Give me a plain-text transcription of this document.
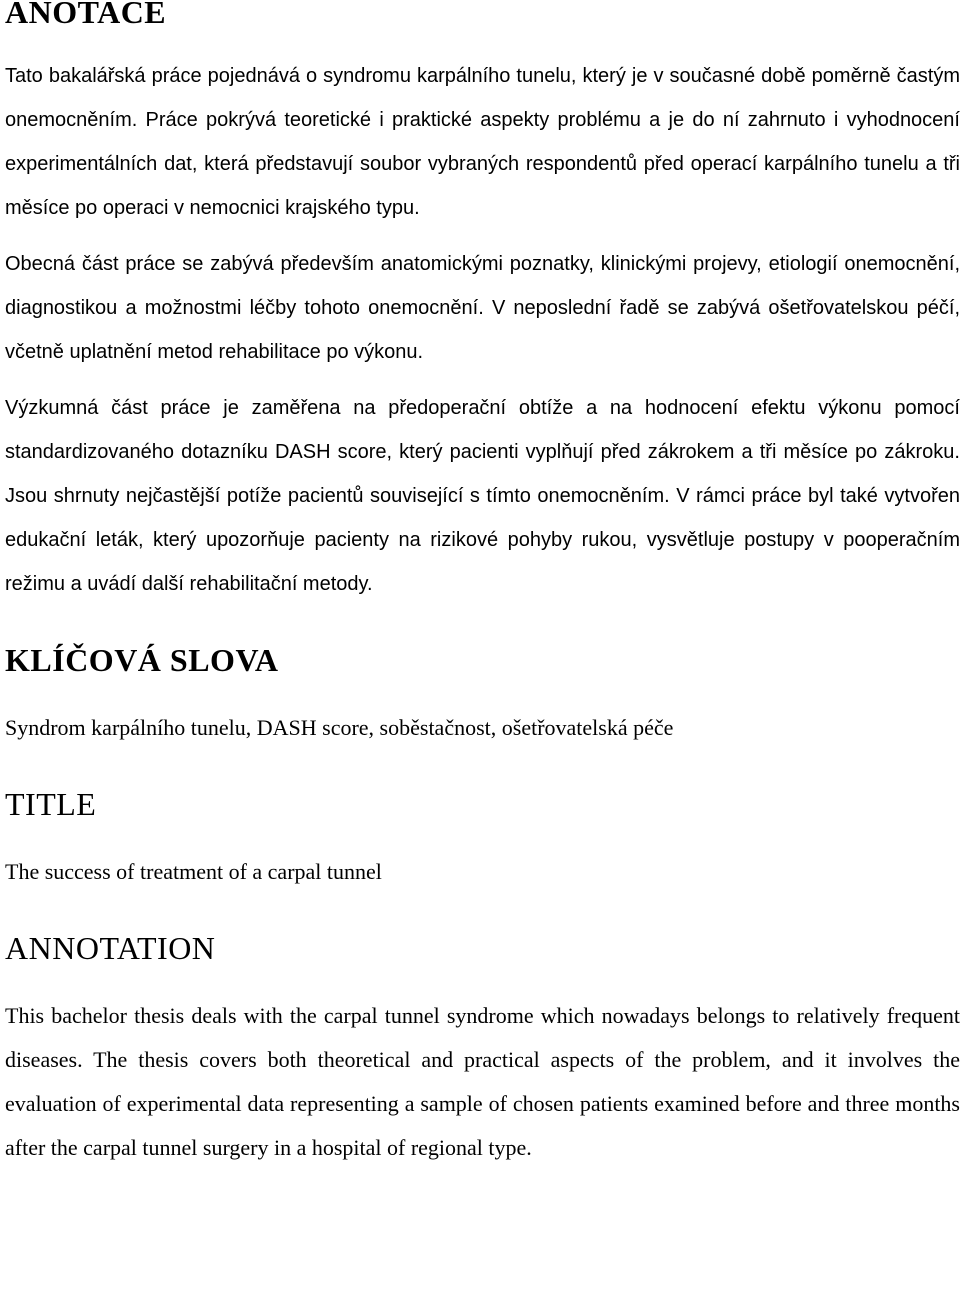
ANOTACE

Tato bakalářská práce pojednává o syndromu karpálního tunelu, který je v současné době poměrně častým onemocněním. Práce pokrývá teoretické i praktické aspekty problému a je do ní zahrnuto i vyhodnocení experimentálních dat, která představují soubor vybraných respondentů před operací karpálního tunelu a tři měsíce po operaci v nemocnici krajského typu.

Obecná část práce se zabývá především anatomickými poznatky, klinickými projevy, etiologií onemocnění, diagnostikou a možnostmi léčby tohoto onemocnění. V neposlední řadě se zabývá ošetřovatelskou péčí, včetně uplatnění metod rehabilitace po výkonu.

Výzkumná část práce je zaměřena na předoperační obtíže a na hodnocení efektu výkonu pomocí standardizovaného dotazníku DASH score, který pacienti vyplňují před zákrokem a tři měsíce po zákroku. Jsou shrnuty nejčastější potíže pacientů související s tímto onemocněním. V rámci práce byl také vytvořen edukační leták, který upozorňuje pacienty na rizikové pohyby rukou, vysvětluje postupy v pooperačním režimu a uvádí další rehabilitační metody.

KLÍČOVÁ SLOVA

Syndrom karpálního tunelu, DASH score, soběstačnost, ošetřovatelská péče

TITLE

The success of treatment of a carpal tunnel

ANNOTATION

This bachelor thesis deals with the carpal tunnel syndrome which nowadays belongs to relatively frequent diseases. The thesis covers both theoretical and practical aspects of the problem, and it involves the evaluation of experimental data representing a sample of chosen patients examined before and three months after the carpal tunnel surgery in a hospital of regional type.
